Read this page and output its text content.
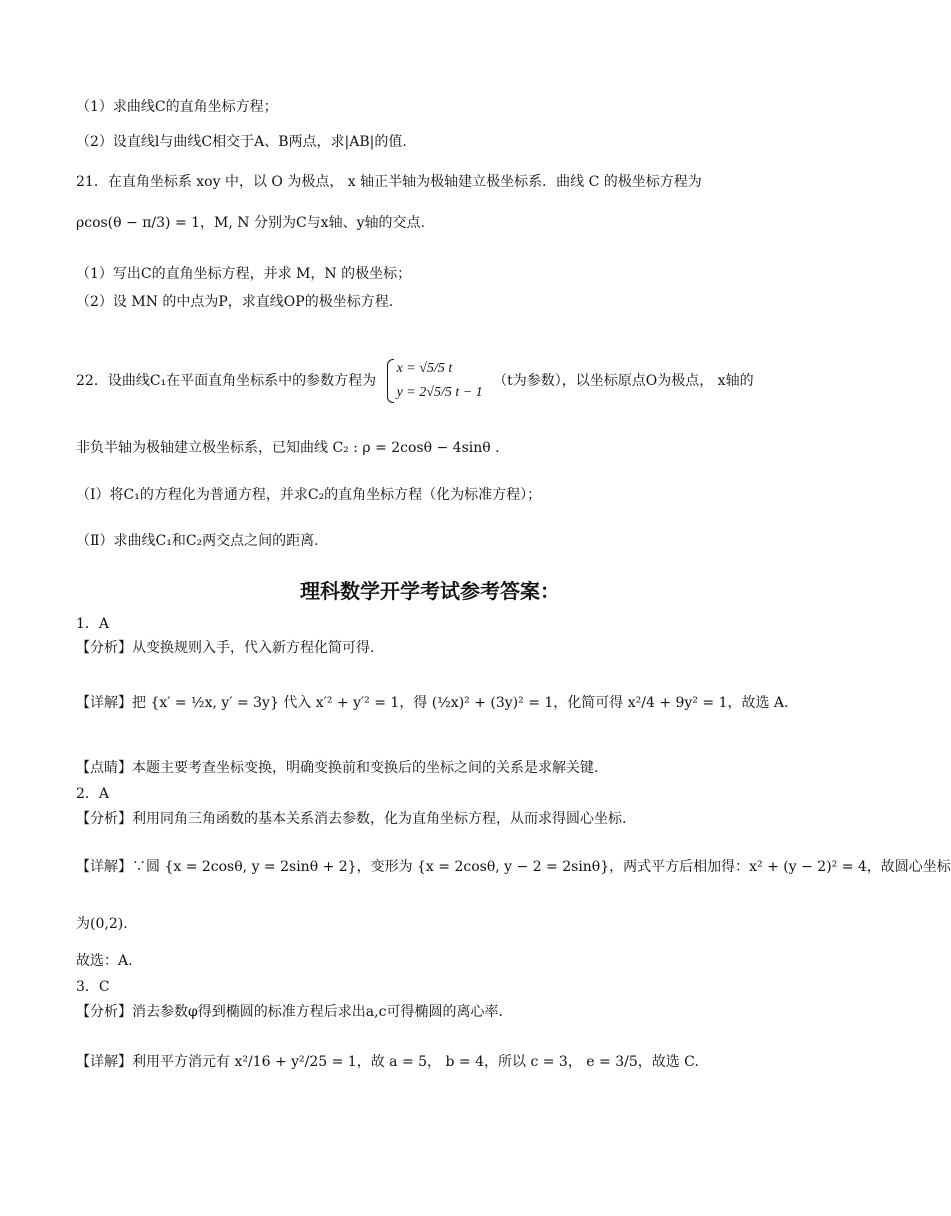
（1）求曲线C的直角坐标方程；
（2）设直线l与曲线C相交于A、B两点，求|AB|的值.
21．在直角坐标系 xoy 中，以 O 为极点， x 轴正半轴为极轴建立极坐标系．曲线 C 的极坐标方程为
ρcos(θ − π/3) = 1，M, N 分别为C与x轴、y轴的交点.
（1）写出C的直角坐标方程，并求 M，N 的极坐标；
（2）设 MN 的中点为P，求直线OP的极坐标方程.
22．设曲线C₁在平面直角坐标系中的参数方程为
x = √5/5 t
y = 2√5/5 t − 1
（t为参数），以坐标原点O为极点， x轴的
非负半轴为极轴建立极坐标系，已知曲线 C₂ : ρ = 2cosθ − 4sinθ .
（Ⅰ）将C₁的方程化为普通方程，并求C₂的直角坐标方程（化为标准方程）；
（Ⅱ）求曲线C₁和C₂两交点之间的距离.
理科数学开学考试参考答案：
1．A
【分析】从变换规则入手，代入新方程化简可得.
【详解】把 {x′ = ½x, y′ = 3y} 代入 x′² + y′² = 1，得 (½x)² + (3y)² = 1，化简可得 x²/4 + 9y² = 1，故选 A.
【点睛】本题主要考查坐标变换，明确变换前和变换后的坐标之间的关系是求解关键.
2．A
【分析】利用同角三角函数的基本关系消去参数，化为直角坐标方程，从而求得圆心坐标.
【详解】∵圆 {x = 2cosθ, y = 2sinθ + 2}，变形为 {x = 2cosθ, y − 2 = 2sinθ}，两式平方后相加得：x² + (y − 2)² = 4，故圆心坐标
为(0,2).
故选：A.
3．C
【分析】消去参数φ得到椭圆的标准方程后求出a,c可得椭圆的离心率.
【详解】利用平方消元有 x²/16 + y²/25 = 1，故 a = 5， b = 4，所以 c = 3， e = 3/5，故选 C.
